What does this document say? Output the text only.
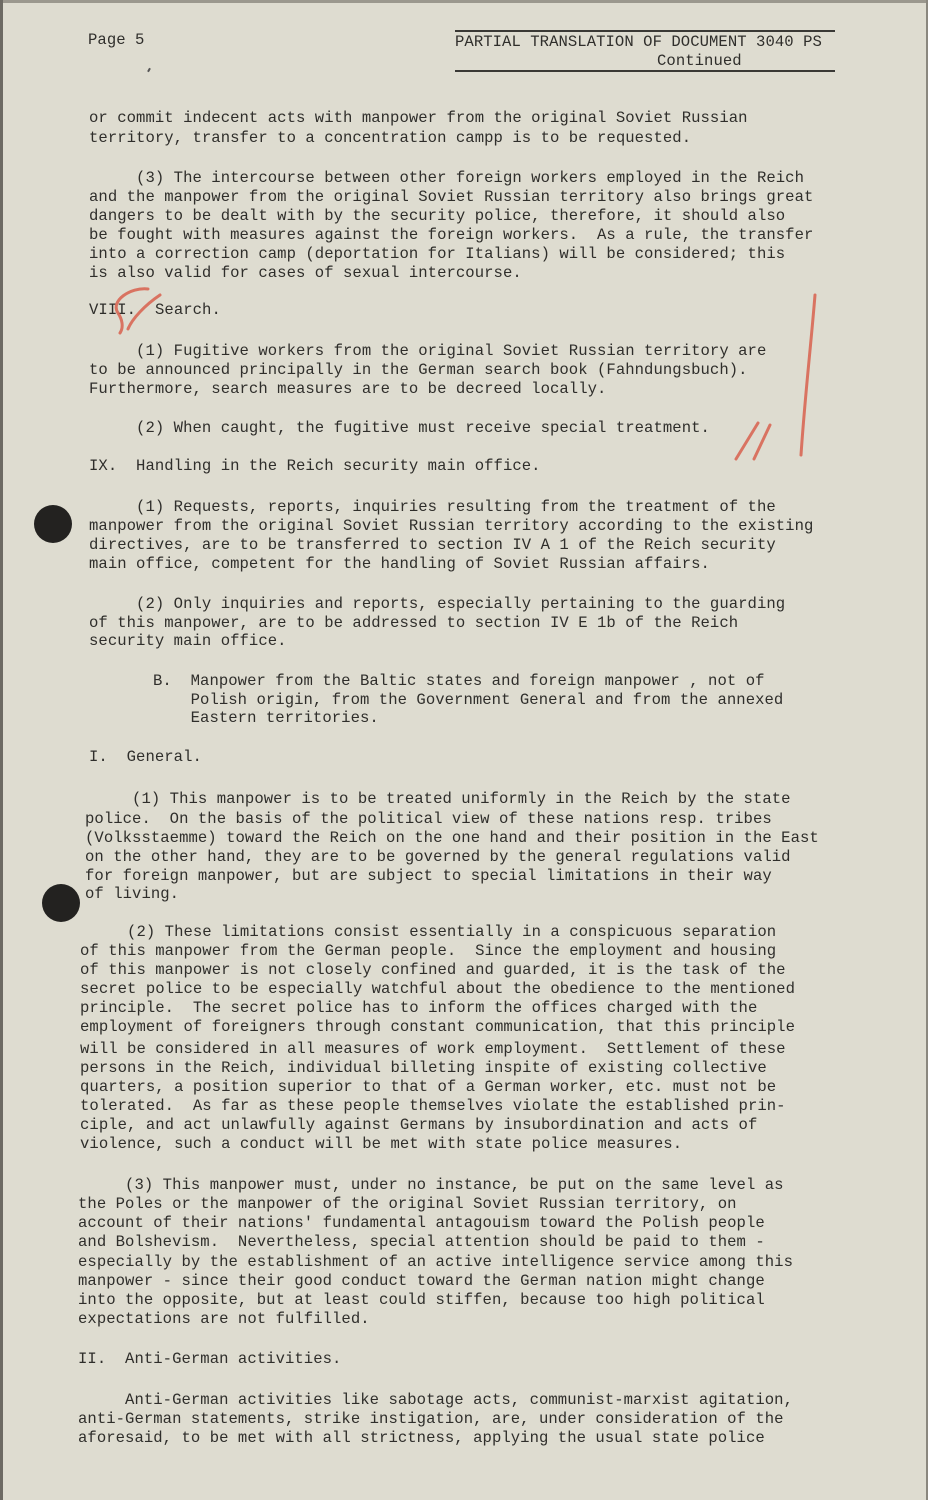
Page 5	PARTIAL TRANSLATION OF DOCUMENT 3040 PS
Continued
or commit indecent acts with manpower from the original Soviet Russian
territory, transfer to a concentration campp is to be requested.
(3) The intercourse between other foreign workers employed in the Reich
and the manpower from the original Soviet Russian territory also brings great
dangers to be dealt with by the security police, therefore, it should also
be fought with measures against the foreign workers.  As a rule, the transfer
into a correction camp (deportation for Italians) will be considered; this
is also valid for cases of sexual intercourse.
VIII. Search.
(1) Fugitive workers from the original Soviet Russian territory are
to be announced principally in the German search book (Fahndungsbuch).
Furthermore, search measures are to be decreed locally.
(2) When caught, the fugitive must receive special treatment.
IX.  Handling in the Reich security main office.
(1) Requests, reports, inquiries resulting from the treatment of the
manpower from the original Soviet Russian territory according to the existing
directives, are to be transferred to section IV A 1 of the Reich security
main office, competent for the handling of Soviet Russian affairs.
(2) Only inquiries and reports, especially pertaining to the guarding
of this manpower, are to be addressed to section IV E 1b of the Reich
security main office.
B.  Manpower from the Baltic states and foreign manpower , not of
Polish origin, from the Government General and from the annexed
Eastern territories.
I.  General.
(1) This manpower is to be treated uniformly in the Reich by the state
police.  On the basis of the political view of these nations resp. tribes
(Volksstaemme) toward the Reich on the one hand and their position in the East
on the other hand, they are to be governed by the general regulations valid
for foreign manpower, but are subject to special limitations in their way
of living.
(2) These limitations consist essentially in a conspicuous separation
of this manpower from the German people.  Since the employment and housing
of this manpower is not closely confined and guarded, it is the task of the
secret police to be especially watchful about the obedience to the mentioned
principle.  The secret police has to inform the offices charged with the
employment of foreigners through constant communication, that this principle
will be considered in all measures of work employment.  Settlement of these
persons in the Reich, individual billeting inspite of existing collective
quarters, a position superior to that of a German worker, etc. must not be
tolerated.  As far as these people themselves violate the established prin-
ciple, and act unlawfully against Germans by insubordination and acts of
violence, such a conduct will be met with state police measures.
(3) This manpower must, under no instance, be put on the same level as
the Poles or the manpower of the original Soviet Russian territory, on
account of their nations' fundamental antagouism toward the Polish people
and Bolshevism.  Nevertheless, special attention should be paid to them -
especially by the establishment of an active intelligence service among this
manpower - since their good conduct toward the German nation might change
into the opposite, but at least could stiffen, because too high political
expectations are not fulfilled.
II.  Anti-German activities.
Anti-German activities like sabotage acts, communist-marxist agitation,
anti-German statements, strike instigation, are, under consideration of the
aforesaid, to be met with all strictness, applying the usual state police
